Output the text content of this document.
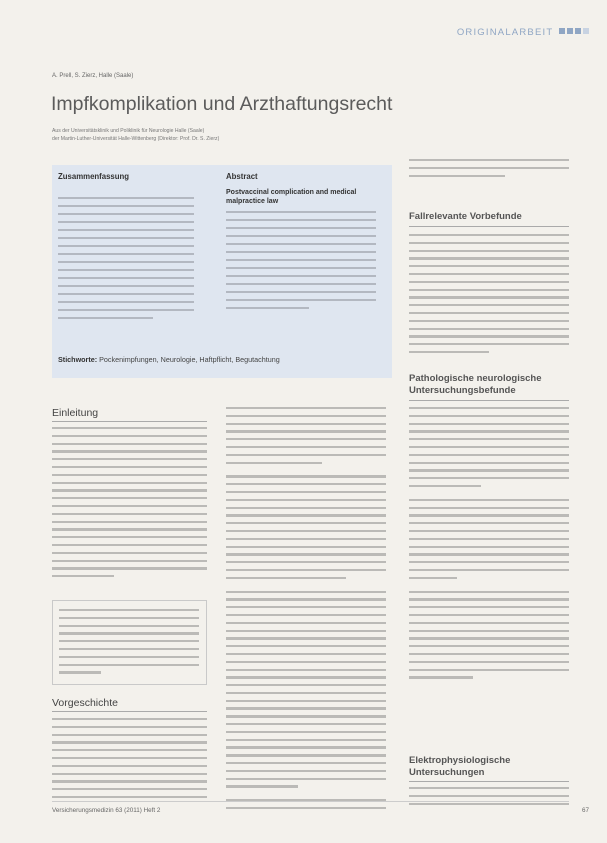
ORIGINALARBEIT
A. Prell, S. Zierz, Halle (Saale)
Impfkomplikation und Arzthaftungsrecht
Aus der Universitätsklinik und Poliklinik für Neurologie Halle (Saale)
der Martin-Luther-Universität Halle-Wittenberg (Direktor: Prof. Dr. S. Zierz)
Zusammenfassung	Abstract
Postvaccinal complication and medical malpractice law
Stichworte: Pockenimpfungen, Neurologie, Haftpflicht, Begutachtung
Einleitung
Vorgeschichte
Fallrelevante Vorbefunde
Pathologische neurologische
Untersuchungsbefunde
Elektrophysiologische
Untersuchungen
Versicherungsmedizin 63 (2011) Heft 2	67
